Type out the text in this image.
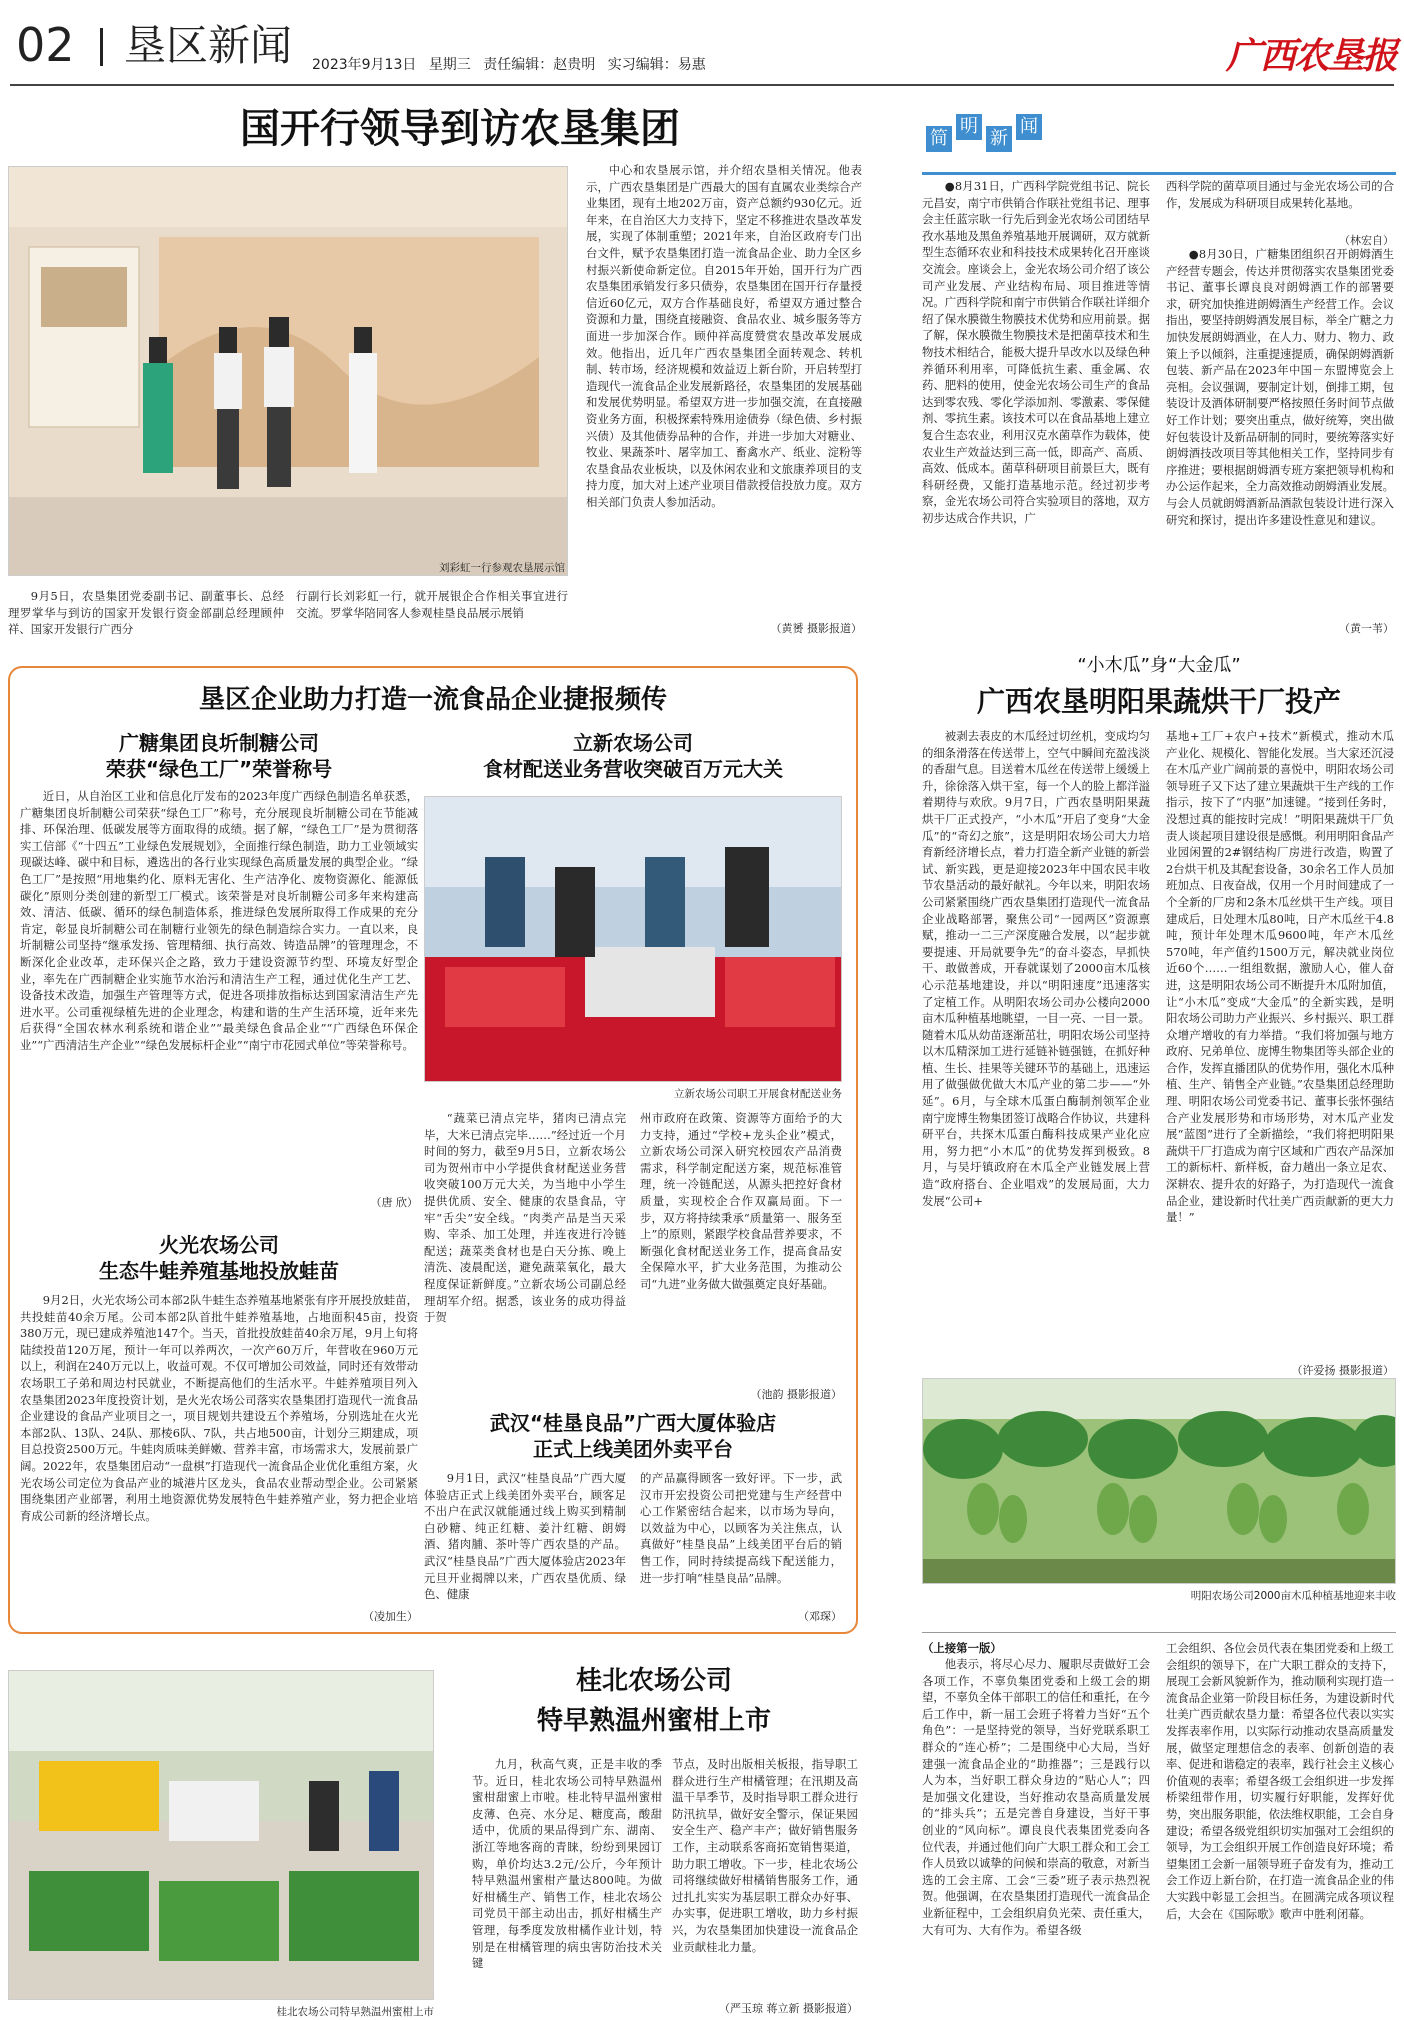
02 垦区新闻 2023年9月13日 星期三 责任编辑：赵贵明 实习编辑：易惠	广西农垦报
国开行领导到访农垦集团
刘彩虹一行参观农垦展示馆
9月5日，农垦集团党委副书记、副董事长、总经理罗掌华与到访的国家开发银行资金部副总经理顾仲祥、国家开发银行广西分
行副行长刘彩虹一行，就开展银企合作相关事宜进行交流。罗掌华陪同客人参观桂垦良品展示展销
中心和农垦展示馆，并介绍农垦相关情况。他表示，广西农垦集团是广西最大的国有直属农业类综合产业集团，现有土地202万亩，资产总额约930亿元。近年来，在自治区大力支持下，坚定不移推进农垦改革发展，实现了体制重塑；2021年来，自治区政府专门出台文件，赋予农垦集团打造一流食品企业、助力全区乡村振兴新使命新定位。自2015年开始，国开行为广西农垦集团承销发行多只债券，农垦集团在国开行存量授信近60亿元，双方合作基础良好，希望双方通过整合资源和力量，围绕直接融资、食品农业、城乡服务等方面进一步加深合作。顾仲祥高度赞赏农垦改革发展成效。他指出，近几年广西农垦集团全面转观念、转机制、转市场，经济规模和效益迈上新台阶，开启转型打造现代一流食品企业发展新路径，农垦集团的发展基础和发展优势明显。希望双方进一步加强交流，在直接融资业务方面，积极探索特殊用途债券（绿色债、乡村振兴债）及其他债券品种的合作，并进一步加大对糖业、牧业、果蔬茶叶、屠宰加工、畜禽水产、纸业、淀粉等农垦食品农业板块，以及休闲农业和文旅康养项目的支持力度，加大对上述产业项目借款授信投放力度。双方相关部门负责人参加活动。
（黄赟 摄影报道）
简
明
新
闻
●8月31日，广西科学院党组书记、院长元昌安，南宁市供销合作联社党组书记、理事会主任蓝宗耿一行先后到金光农场公司团结早孜水基地及黑鱼养殖基地开展调研，双方就新型生态循环农业和科技技术成果转化召开座谈交流会。座谈会上，金光农场公司介绍了该公司产业发展、产业结构布局、项目推进等情况。广西科学院和南宁市供销合作联社详细介绍了保水膜微生物膜技术优势和应用前景。据了解，保水膜微生物膜技术是把菌草技术和生物技术相结合，能极大提升旱改水以及绿色种养循环利用率，可降低抗生素、重金属、农药、肥料的使用，使金光农场公司生产的食品达到零农残、零化学添加剂、零激素、零保健剂、零抗生素。该技术可以在食品基地上建立复合生态农业，利用汉克水菌草作为载体，使农业生产效益达到三高一低，即高产、高质、高效、低成本。菌草科研项目前景巨大，既有科研经费，又能打造基地示范。经过初步考察，金光农场公司符合实验项目的落地，双方初步达成合作共识，广
西科学院的菌草项目通过与金光农场公司的合作，发展成为科研项目成果转化基地。
（林宏自）
●8月30日，广糖集团组织召开朗姆酒生产经营专题会，传达并贯彻落实农垦集团党委书记、董事长谭良良对朗姆酒工作的部署要求，研究加快推进朗姆酒生产经营工作。会议指出，要坚持朗姆酒发展目标，举全广糖之力加快发展朗姆酒业，在人力、财力、物力、政策上予以倾斜，注重提速提质，确保朗姆酒新包装、新产品在2023年中国－东盟博览会上亮相。会议强调，要制定计划，倒排工期，包装设计及酒体研制要严格按照任务时间节点做好工作计划；要突出重点，做好统筹，突出做好包装设计及新品研制的同时，要统筹落实好朗姆酒技改项目等其他相关工作，坚持同步有序推进；要根据朗姆酒专班方案把领导机构和办公运作起来，全力高效推动朗姆酒业发展。与会人员就朗姆酒新品酒款包装设计进行深入研究和探讨，提出许多建设性意见和建议。
（黄一苇）
垦区企业助力打造一流食品企业捷报频传
广糖集团良圻制糖公司
荣获“绿色工厂”荣誉称号
近日，从自治区工业和信息化厅发布的2023年度广西绿色制造名单获悉，广糖集团良圻制糖公司荣获“绿色工厂”称号，充分展现良圻制糖公司在节能减排、环保治理、低碳发展等方面取得的成绩。据了解，“绿色工厂”是为贯彻落实工信部《“十四五”工业绿色发展规划》，全面推行绿色制造，助力工业领域实现碳达峰、碳中和目标，遴选出的各行业实现绿色高质量发展的典型企业。“绿色工厂”是按照“用地集约化、原料无害化、生产洁净化、废物资源化、能源低碳化”原则分类创建的新型工厂模式。该荣誉是对良圻制糖公司多年来构建高效、清洁、低碳、循环的绿色制造体系，推进绿色发展所取得工作成果的充分肯定，彰显良圻制糖公司在制糖行业领先的绿色制造综合实力。一直以来，良圻制糖公司坚持“继承发扬、管理精细、执行高效、铸造品牌”的管理理念，不断深化企业改革，走环保兴企之路，致力于建设资源节约型、环境友好型企业，率先在广西制糖企业实施节水治污和清洁生产工程，通过优化生产工艺、设备技术改造，加强生产管理等方式，促进各项排放指标达到国家清洁生产先进水平。公司重视绿植先进的企业理念，构建和谐的生产生活环境，近年来先后获得“全国农林水利系统和谐企业”“最美绿色食品企业”“广西绿色环保企业”“广西清洁生产企业”“绿色发展标杆企业”“南宁市花园式单位”等荣誉称号。
（唐 欣）
火光农场公司
生态牛蛙养殖基地投放蛙苗
9月2日，火光农场公司本部2队牛蛙生态养殖基地紧张有序开展投放蛙苗，共投蛙苗40余万尾。公司本部2队首批牛蛙养殖基地，占地面积45亩，投资380万元，现已建成养殖池147个。当天，首批投放蛙苗40余万尾，9月上旬将陆续投苗120万尾，预计一年可以养两次，一次产60万斤，年营收在960万元以上，利润在240万元以上，收益可观。不仅可增加公司效益，同时还有效带动农场职工子弟和周边村民就业，不断提高他们的生活水平。牛蛙养殖项目列入农垦集团2023年度投资计划，是火光农场公司落实农垦集团打造现代一流食品企业建设的食品产业项目之一，项目规划共建设五个养殖场，分别选址在火光本部2队、13队、24队、那棱6队、7队，共占地500亩，计划分三期建成，项目总投资2500万元。牛蛙肉质味美鲜嫩、营养丰富，市场需求大，发展前景广阔。2022年，农垦集团启动“一盘棋”打造现代一流食品企业优化重组方案，火光农场公司定位为食品产业的城港片区龙头，食品农业帮动型企业。公司紧紧围绕集团产业部署，利用土地资源优势发展特色牛蛙养殖产业，努力把企业培育成公司新的经济增长点。
（凌加生）
立新农场公司
食材配送业务营收突破百万元大关
立新农场公司职工开展食材配送业务
“蔬菜已清点完毕，猪肉已清点完毕，大米已清点完毕……”经过近一个月时间的努力，截至9月5日，立新农场公司为贺州市中小学提供食材配送业务营收突破100万元大关，为当地中小学生提供优质、安全、健康的农垦食品，守牢“舌尖”安全线。“肉类产品是当天采购、宰杀、加工处理，并连夜进行冷链配送；蔬菜类食材也是白天分拣、晚上清洗、凌晨配送，避免蔬菜氧化，最大程度保证新鲜度。”立新农场公司副总经理胡军介绍。据悉，该业务的成功得益于贺
州市政府在政策、资源等方面给予的大力支持，通过“学校+龙头企业”模式，立新农场公司深入研究校园农产品消费需求，科学制定配送方案，规范标准管理，统一冷链配送，从源头把控好食材质量，实现校企合作双赢局面。下一步，双方将持续秉承“质量第一、服务至上”的原则，紧跟学校食品营养要求，不断强化食材配送业务工作，提高食品安全保障水平，扩大业务范围，为推动公司“九进”业务做大做强奠定良好基础。
（池韵 摄影报道）
武汉“桂垦良品”广西大厦体验店
正式上线美团外卖平台
9月1日，武汉“桂垦良品”广西大厦体验店正式上线美团外卖平台，顾客足不出户在武汉就能通过线上购买到精制白砂糖、纯正红糖、姜汁红糖、朗姆酒、猪肉脯、茶叶等广西农垦的产品。武汉“桂垦良品”广西大厦体验店2023年元旦开业揭牌以来，广西农垦优质、绿色、健康
的产品赢得顾客一致好评。下一步，武汉市开宏投资公司把党建与生产经营中心工作紧密结合起来，以市场为导向，以效益为中心，以顾客为关注焦点，认真做好“桂垦良品”上线美团平台后的销售工作，同时持续提高线下配送能力，进一步打响“桂垦良品”品牌。
（邓琛）
“小木瓜”身“大金瓜”
广西农垦明阳果蔬烘干厂投产
被剥去表皮的木瓜经过切丝机，变成均匀的细条滑落在传送带上，空气中瞬间充盈浅淡的香甜气息。目送着木瓜丝在传送带上缓缓上升，徐徐落入烘干室，每一个人的脸上都洋溢着期待与欢欣。9月7日，广西农垦明阳果蔬烘干厂正式投产，“小木瓜”开启了变身“大金瓜”的“奇幻之旅”，这是明阳农场公司大力培育新经济增长点，着力打造全新产业链的新尝试、新实践，更是迎接2023年中国农民丰收节农垦活动的最好献礼。今年以来，明阳农场公司紧紧围绕广西农垦集团打造现代一流食品企业战略部署，聚焦公司“一园两区”资源禀赋，推动一二三产深度融合发展，以“起步就要提速、开局就要争先”的奋斗姿态，早抓快干、敢做善成，开春就谋划了2000亩木瓜核心示范基地建设，并以“明阳速度”迅速落实了定植工作。从明阳农场公司办公楼向2000亩木瓜种植基地眺望，一目一亮、一目一景。随着木瓜从幼苗逐渐茁壮，明阳农场公司坚持以木瓜精深加工进行延链补链强链，在抓好种植、生长、挂果等关键环节的基础上，迅速运用了做强做优做大木瓜产业的第二步——“外延”。6月，与全球木瓜蛋白酶制剂领军企业南宁庞博生物集团签订战略合作协议，共建科研平台，共探木瓜蛋白酶科技成果产业化应用，努力把“小木瓜”的优势发挥到极致。8月，与吴圩镇政府在木瓜全产业链发展上营造“政府搭台、企业唱戏”的发展局面，大力发展“公司+
基地+工厂+农户+技术”新模式，推动木瓜产业化、规模化、智能化发展。当大家还沉浸在木瓜产业广阔前景的喜悦中，明阳农场公司领导班子又下达了建立果蔬烘干生产线的工作指示，按下了“内驱”加速键。“接到任务时，没想过真的能按时完成！”明阳果蔬烘干厂负责人谈起项目建设很是感慨。利用明阳食品产业园闲置的2#钢结构厂房进行改造，购置了2台烘干机及其配套设备，30余名工作人员加班加点、日夜奋战，仅用一个月时间建成了一个全新的厂房和2条木瓜丝烘干生产线。项目建成后，日处理木瓜80吨，日产木瓜丝干4.8吨，预计年处理木瓜9600吨，年产木瓜丝570吨，年产值约1500万元，解决就业岗位近60个……一组组数据，激励人心，催人奋进，这是明阳农场公司不断提升木瓜附加值，让“小木瓜”变成“大金瓜”的全新实践，是明阳农场公司助力产业振兴、乡村振兴、职工群众增产增收的有力举措。“我们将加强与地方政府、兄弟单位、庞博生物集团等头部企业的合作，发挥直播团队的优势作用，强化木瓜种植、生产、销售全产业链。”农垦集团总经理助理、明阳农场公司党委书记、董事长张怀强结合产业发展形势和市场形势，对木瓜产业发展“蓝图”进行了全新描绘，“我们将把明阳果蔬烘干厂打造成为南宁区域和广西农产品深加工的新标杆、新样板，奋力趟出一条立足农、深耕农、提升农的好路子，为打造现代一流食品企业，建设新时代壮美广西贡献新的更大力量！”
（许爱扬 摄影报道）
明阳农场公司2000亩木瓜种植基地迎来丰收
桂北农场公司特早熟温州蜜柑上市
桂北农场公司
特早熟温州蜜柑上市
九月，秋高气爽，正是丰收的季节。近日，桂北农场公司特早熟温州蜜柑甜蜜上市啦。桂北特早温州蜜柑皮薄、色亮、水分足、糖度高，酸甜适中，优质的果品得到广东、湖南、浙江等地客商的青睐，纷纷到果园订购，单价均达3.2元/公斤，今年预计特早熟温州蜜柑产量达800吨。为做好柑橘生产、销售工作，桂北农场公司党员干部主动出击，抓好柑橘生产管理，每季度发放柑橘作业计划，特别是在柑橘管理的病虫害防治技术关键
节点，及时出版相关板报，指导职工群众进行生产柑橘管理；在汛期及高温干旱季节，及时指导职工群众进行防汛抗旱，做好安全警示，保证果园安全生产、稳产丰产；做好销售服务工作，主动联系客商拓宽销售渠道，助力职工增收。下一步，桂北农场公司将继续做好柑橘销售服务工作，通过扎扎实实为基层职工群众办好事、办实事，促进职工增收，助力乡村振兴，为农垦集团加快建设一流食品企业贡献桂北力量。
（严玉琼 蒋立新 摄影报道）
（上接第一版）
他表示，将尽心尽力、履职尽责做好工会各项工作，不辜负集团党委和上级工会的期望，不辜负全体干部职工的信任和重托，在今后工作中，新一届工会班子将着力当好“五个角色”：一是坚持党的领导，当好党联系职工群众的“连心桥”；二是围绕中心大局，当好建强一流食品企业的“助推器”；三是践行以人为本，当好职工群众身边的“贴心人”；四是加强文化建设，当好推动农垦高质量发展的“排头兵”；五是完善自身建设，当好干事创业的“风向标”。谭良良代表集团党委向各位代表，并通过他们向广大职工群众和工会工作人员致以诚挚的问候和崇高的敬意，对新当选的工会主席、工会“三委”班子表示热烈祝贺。他强调，在农垦集团打造现代一流食品企业新征程中，工会组织肩负光荣、责任重大，大有可为、大有作为。希望各级
工会组织、各位会员代表在集团党委和上级工会组织的领导下，在广大职工群众的支持下，展现工会新风貌新作为，推动顺利实现打造一流食品企业第一阶段目标任务，为建设新时代壮美广西贡献农垦力量：希望各位代表以实实发挥表率作用，以实际行动推动农垦高质量发展，做坚定理想信念的表率、创新创造的表率、促进和谐稳定的表率，践行社会主义核心价值观的表率；希望各级工会组织进一步发挥桥梁纽带作用，切实履行好职能，发挥好优势，突出服务职能，依法维权职能，工会自身建设；希望各级党组织切实加强对工会组织的领导，为工会组织开展工作创造良好环境；希望集团工会新一届领导班子奋发有为，推动工会工作迈上新台阶，在打造一流食品企业的伟大实践中彰显工会担当。在圆满完成各项议程后，大会在《国际歌》歌声中胜利闭幕。
